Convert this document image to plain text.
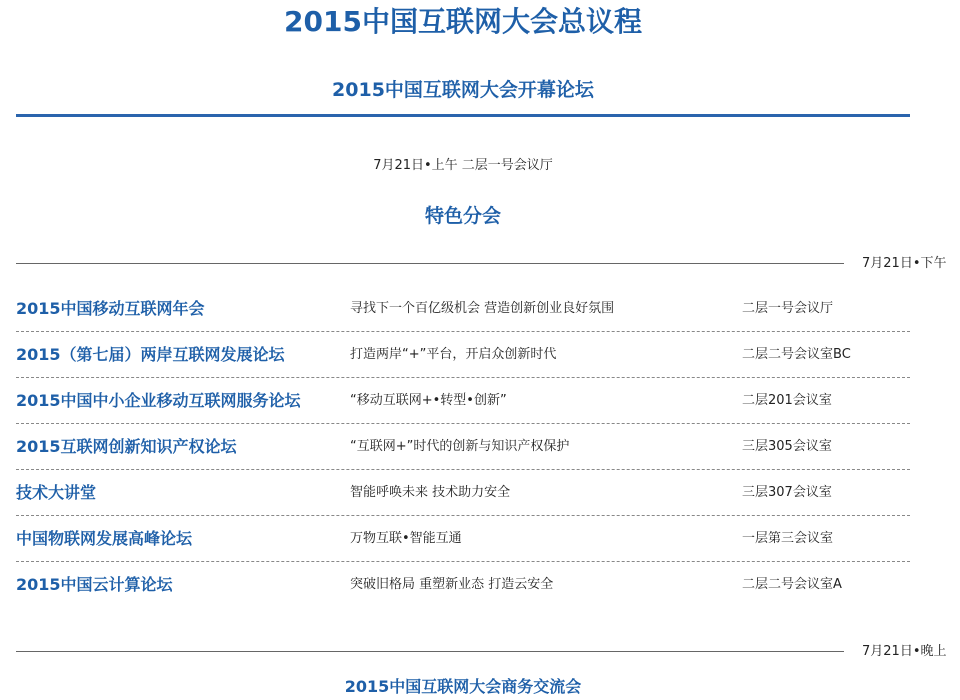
2015中国互联网大会总议程
2015中国互联网大会开幕论坛
7月21日•上午 二层一号会议厅
特色分会
7月21日•下午
2015中国移动互联网年会	寻找下一个百亿级机会 营造创新创业良好氛围	二层一号会议厅
2015（第七届）两岸互联网发展论坛	打造两岸“+”平台，开启众创新时代	二层二号会议室BC
2015中国中小企业移动互联网服务论坛	“移动互联网+•转型•创新”	二层201会议室
2015互联网创新知识产权论坛	“互联网+”时代的创新与知识产权保护	三层305会议室
技术大讲堂	智能呼唤未来 技术助力安全	三层307会议室
中国物联网发展高峰论坛	万物互联•智能互通	一层第三会议室
2015中国云计算论坛	突破旧格局 重塑新业态 打造云安全	二层二号会议室A
7月21日•晚上
2015中国互联网大会商务交流会
